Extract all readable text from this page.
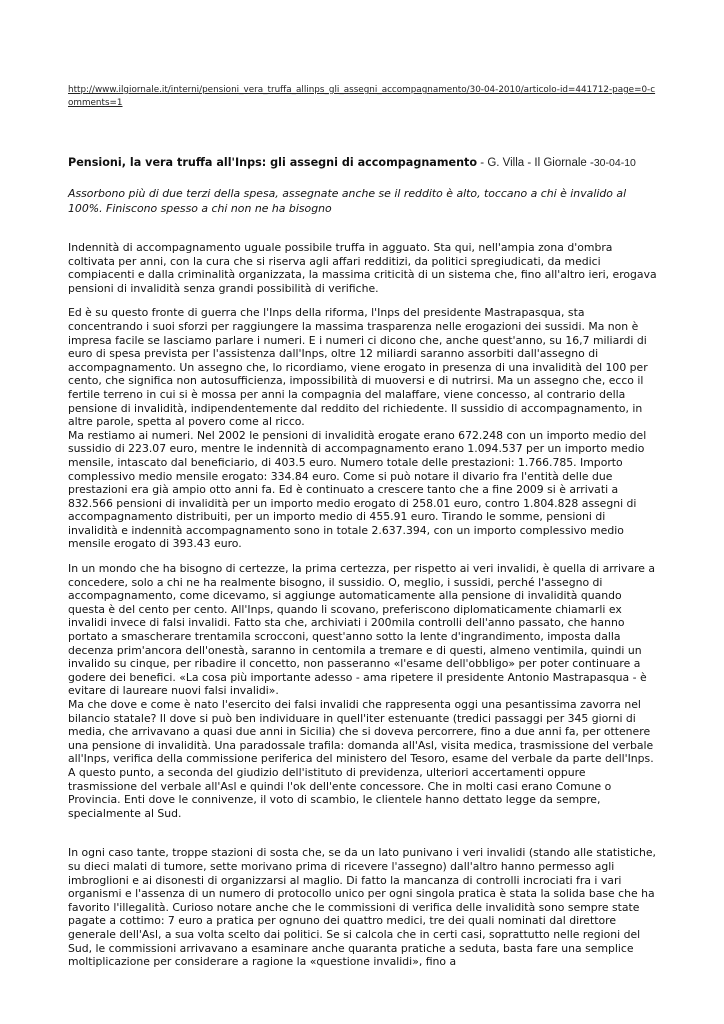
http://www.ilgiornale.it/interni/pensioni_vera_truffa_allinps_gli_assegni_accompagnamento/30-04-2010/articolo-id=441712-page=0-comments=1
Pensioni, la vera truffa all'Inps: gli assegni di accompagnamento - G. Villa - Il Giornale -30-04-10
Assorbono più di due terzi della spesa, assegnate anche se il reddito è alto, toccano a chi è invalido al 100%. Finiscono spesso a chi non ne ha bisogno

Indennità di accompagnamento uguale possibile truffa in agguato. Sta qui, nell'ampia zona d'ombra coltivata per anni, con la cura che si riserva agli affari redditizi, da politici spregiudicati, da medici compiacenti e dalla criminalità organizzata, la massima criticità di un sistema che, fino all'altro ieri, erogava pensioni di invalidità senza grandi possibilità di verifiche.

Ed è su questo fronte di guerra che l'Inps della riforma, l'Inps del presidente Mastrapasqua, sta concentrando i suoi sforzi per raggiungere la massima trasparenza nelle erogazioni dei sussidi. Ma non è impresa facile se lasciamo parlare i numeri. E i numeri ci dicono che, anche quest'anno, su 16,7 miliardi di euro di spesa prevista per l'assistenza dall'Inps, oltre 12 miliardi saranno assorbiti dall'assegno di accompagnamento. Un assegno che, lo ricordiamo, viene erogato in presenza di una invalidità del 100 per cento, che significa non autosufficienza, impossibilità di muoversi e di nutrirsi. Ma un assegno che, ecco il fertile terreno in cui si è mossa per anni la compagnia del malaffare, viene concesso, al contrario della pensione di invalidità, indipendentemente dal reddito del richiedente. Il sussidio di accompagnamento, in altre parole, spetta al povero come al ricco.

Ma restiamo ai numeri. Nel 2002 le pensioni di invalidità erogate erano 672.248 con un importo medio del sussidio di 223.07 euro, mentre le indennità di accompagnamento erano 1.094.537 per un importo medio mensile, intascato dal beneficiario, di 403.5 euro. Numero totale delle prestazioni: 1.766.785. Importo complessivo medio mensile erogato: 334.84 euro. Come si può notare il divario fra l'entità delle due prestazioni era già ampio otto anni fa. Ed è continuato a crescere tanto che a fine 2009 si è arrivati a 832.566 pensioni di invalidità per un importo medio erogato di 258.01 euro, contro 1.804.828 assegni di accompagnamento distribuiti, per un importo medio di 455.91 euro. Tirando le somme, pensioni di invalidità e indennità accompagnamento sono in totale 2.637.394, con un importo complessivo medio mensile erogato di 393.43 euro.

In un mondo che ha bisogno di certezze, la prima certezza, per rispetto ai veri invalidi, è quella di arrivare a concedere, solo a chi ne ha realmente bisogno, il sussidio. O, meglio, i sussidi, perché l'assegno di accompagnamento, come dicevamo, si aggiunge automaticamente alla pensione di invalidità quando questa è del cento per cento. All'Inps, quando li scovano, preferiscono diplomaticamente chiamarli ex invalidi invece di falsi invalidi. Fatto sta che, archiviati i 200mila controlli dell'anno passato, che hanno portato a smascherare trentamila scrocconi, quest'anno sotto la lente d'ingrandimento, imposta dalla decenza prim'ancora dell'onestà, saranno in centomila a tremare e di questi, almeno ventimila, quindi un invalido su cinque, per ribadire il concetto, non passeranno «l'esame dell'obbligo» per poter continuare a godere dei benefici. «La cosa più importante adesso - ama ripetere il presidente Antonio Mastrapasqua - è evitare di laureare nuovi falsi invalidi».

Ma che dove e come è nato l'esercito dei falsi invalidi che rappresenta oggi una pesantissima zavorra nel bilancio statale? Il dove si può ben individuare in quell'iter estenuante (tredici passaggi per 345 giorni di media, che arrivavano a quasi due anni in Sicilia) che si doveva percorrere, fino a due anni fa, per ottenere una pensione di invalidità. Una paradossale trafila: domanda all'Asl, visita medica, trasmissione del verbale all'Inps, verifica della commissione periferica del ministero del Tesoro, esame del verbale da parte dell'Inps. A questo punto, a seconda del giudizio dell'istituto di previdenza, ulteriori accertamenti oppure trasmissione del verbale all'Asl e quindi l'ok dell'ente concessore. Che in molti casi erano Comune o Provincia. Enti dove le connivenze, il voto di scambio, le clientele hanno dettato legge da sempre, specialmente al Sud.

In ogni caso tante, troppe stazioni di sosta che, se da un lato punivano i veri invalidi (stando alle statistiche, su dieci malati di tumore, sette morivano prima di ricevere l'assegno) dall'altro hanno permesso agli imbroglioni e ai disonesti di organizzarsi al maglio. Di fatto la mancanza di controlli incrociati fra i vari organismi e l'assenza di un numero di protocollo unico per ogni singola pratica è stata la solida base che ha favorito l'illegalità. Curioso notare anche che le commissioni di verifica delle invalidità sono sempre state pagate a cottimo: 7 euro a pratica per ognuno dei quattro medici, tre dei quali nominati dal direttore generale dell'Asl, a sua volta scelto dai politici. Se si calcola che in certi casi, soprattutto nelle regioni del Sud, le commissioni arrivavano a esaminare anche quaranta pratiche a seduta, basta fare una semplice moltiplicazione per considerare a ragione la «questione invalidi», fino a
